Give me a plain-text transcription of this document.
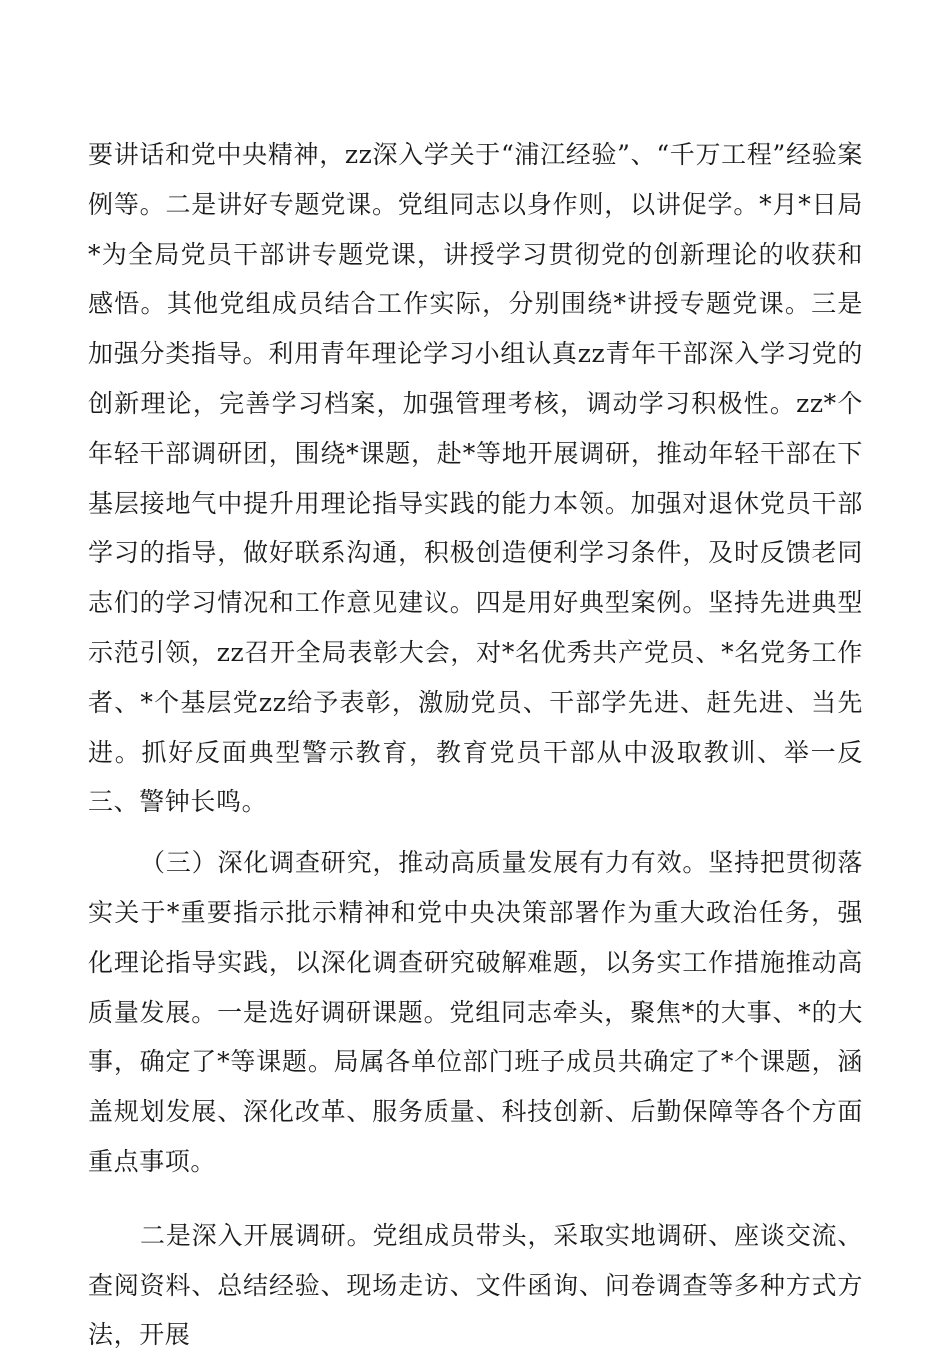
要讲话和党中央精神，zz深入学关于“浦江经验”、“千万工程”经验案例等。二是讲好专题党课。党组同志以身作则，以讲促学。*月*日局*为全局党员干部讲专题党课，讲授学习贯彻党的创新理论的收获和感悟。其他党组成员结合工作实际，分别围绕*讲授专题党课。三是加强分类指导。利用青年理论学习小组认真zz青年干部深入学习党的创新理论，完善学习档案，加强管理考核，调动学习积极性。zz*个年轻干部调研团，围绕*课题，赴*等地开展调研，推动年轻干部在下基层接地气中提升用理论指导实践的能力本领。加强对退休党员干部学习的指导，做好联系沟通，积极创造便利学习条件，及时反馈老同志们的学习情况和工作意见建议。四是用好典型案例。坚持先进典型示范引领，zz召开全局表彰大会，对*名优秀共产党员、*名党务工作者、*个基层党zz给予表彰，激励党员、干部学先进、赶先进、当先进。抓好反面典型警示教育，教育党员干部从中汲取教训、举一反三、警钟长鸣。

（三）深化调查研究，推动高质量发展有力有效。坚持把贯彻落实关于*重要指示批示精神和党中央决策部署作为重大政治任务，强化理论指导实践，以深化调查研究破解难题，以务实工作措施推动高质量发展。一是选好调研课题。党组同志牵头，聚焦*的大事、*的大事，确定了*等课题。局属各单位部门班子成员共确定了*个课题，涵盖规划发展、深化改革、服务质量、科技创新、后勤保障等各个方面重点事项。

二是深入开展调研。党组成员带头，采取实地调研、座谈交流、查阅资料、总结经验、现场走访、文件函询、问卷调查等多种方式方法，开展
